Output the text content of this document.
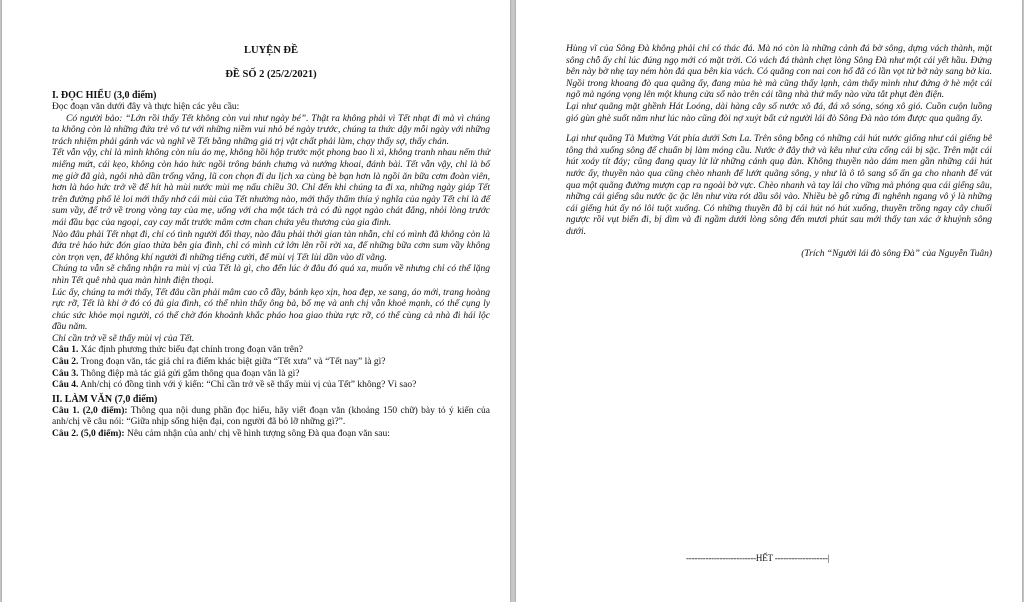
LUYỆN ĐỀ
ĐỀ SỐ 2 (25/2/2021)
I. ĐỌC HIỂU (3,0 điểm)

Đọc đoạn văn dưới đây và thực hiện các yêu cầu:

Có người bảo: “Lớn rồi thấy Tết không còn vui như ngày bé”. Thật ra không phải vì Tết nhạt đi mà vì chúng ta không còn là những đứa trẻ vô tư với những niềm vui nhỏ bé ngày trước, chúng ta thức dậy mỗi ngày với những trách nhiệm phải gánh vác và nghĩ về Tết bằng những giá trị vật chất phải làm, chạy thấy sợ, thấy chán.

Tết vẫn vậy, chỉ là mình không còn níu áo mẹ, không hồi hộp trước một phong bao lì xì, không tranh nhau nếm thử miếng mứt, cái kẹo, không còn háo hức ngồi trông bánh chưng và nướng khoai, đánh bài. Tết vẫn vậy, chỉ là bố mẹ giờ đã già, ngôi nhà dần trống vắng, lũ con chọn đi du lịch xa cùng bè bạn hơn là ngồi ăn bữa cơm đoàn viên, hơn là háo hức trở về để hít hà mùi nước mùi mẹ nấu chiều 30. Chỉ đến khi chúng ta đi xa, những ngày giáp Tết trên đường phố lẻ loi mới thấy nhớ cái mùi của Tết nhường nào, mới thấy thấm thía ý nghĩa của ngày Tết chỉ là để sum vầy, để trở về trong vòng tay của mẹ, uống với cha một tách trà có đủ ngọt ngào chát đắng, nhỏi lòng trước mái đầu bạc của ngoại, cay cay mắt trước mâm cơm chan chứa yêu thương của gia đình.

Nào đâu phải Tết nhạt đi, chỉ có tình người đổi thay, nào đâu phải thời gian tàn nhẫn, chỉ có mình đã không còn là đứa trẻ háo hức đón giao thừa bên gia đình, chỉ có mình cứ lớn lên rồi rời xa, để những bữa cơm sum vầy không còn trọn vẹn, để không khí người đi những tiếng cười, để mùi vị Tết lùi dần vào dĩ vãng.

Chúng ta vẫn sẽ chẳng nhận ra mùi vị của Tết là gì, cho đến lúc ở đâu đó quá xa, muốn về nhưng chỉ có thể lặng nhìn Tết quê nhà qua màn hình điện thoại.

Lúc ấy, chúng ta mới thấy, Tết đâu cần phải mâm cao cỗ đầy, bánh kẹo xịn, hoa đẹp, xe sang, áo mới, trang hoàng rực rỡ, Tết là khi ở đó có đủ gia đình, có thể nhìn thấy ông bà, bố mẹ và anh chị vẫn khoẻ mạnh, có thể cụng ly chúc sức khỏe mọi người, có thể chờ đón khoảnh khắc pháo hoa giao thừa rực rỡ, có thể cùng cả nhà đi hái lộc đầu năm.

Chỉ cần trở về sẽ thấy mùi vị của Tết.

Câu 1. Xác định phương thức biểu đạt chính trong đoạn văn trên?

Câu 2. Trong đoạn văn, tác giả chỉ ra điểm khác biệt giữa “Tết xưa” và “Tết nay” là gì?

Câu 3. Thông điệp mà tác giả gửi gắm thông qua đoạn văn là gì?

Câu 4. Anh/chị có đồng tình với ý kiến: “Chỉ cần trở về sẽ thấy mùi vị của Tết” không? Vì sao?

II. LÀM VĂN (7,0 điểm)

Câu 1. (2,0 điểm): Thông qua nội dung phần đọc hiểu, hãy viết đoạn văn (khoảng 150 chữ) bày tỏ ý kiến của anh/chị về câu nói: “Giữa nhịp sống hiện đại, con người đã bỏ lỡ những gì?”.

Câu 2. (5,0 điểm): Nêu cảm nhận của anh/ chị về hình tượng sông Đà qua đoạn văn sau:

Hùng vĩ của Sông Đà không phải chỉ có thác đá. Mà nó còn là những cảnh đá bờ sông, dựng vách thành, mặt sông chỗ ấy chỉ lúc đúng ngọ mới có mặt trời. Có vách đá thành chẹt lòng Sông Đà như một cái yết hầu. Đứng bên này bờ nhẹ tay ném hòn đá qua bên kia vách. Có quãng con nai con hổ đã có lần vọt từ bờ này sang bờ kia. Ngồi trong khoang đò qua quãng ấy, đang mùa hè mà cũng thấy lạnh, cảm thấy mình như đứng ở hè một cái ngõ mà ngóng vọng lên một khung cửa sổ nào trên cái tầng nhà thứ mấy nào vừa tắt phụt đèn điện.

Lại như quãng mặt ghềnh Hát Loóng, dài hàng cây số nước xô đá, đá xô sóng, sóng xô gió. Cuồn cuộn luồng gió gùn ghè suốt năm như lúc nào cũng đòi nợ xuýt bất cứ người lái đò Sông Đà nào tóm được qua quãng ấy.

Lại như quãng Tà Mường Vát phía dưới Sơn La. Trên sông bỗng có những cái hút nước giống như cái giếng bê tông thả xuống sông để chuẩn bị làm móng cầu. Nước ở đây thở và kêu như cửa cống cái bị sặc. Trên mặt cái hút xoáy tít đáy; cũng đang quay lừ lừ những cánh quạ đàn. Không thuyền nào dám men gần những cái hút nước ấy, thuyền nào qua cũng chèo nhanh để lướt quãng sông, y như là ô tô sang số ấn ga cho nhanh để vút qua một quãng đường mượn cạp ra ngoài bờ vực. Chèo nhanh và tay lái cho vững mà phóng qua cái giếng sâu, những cái giếng sâu nước ặc ặc lên như vừa rót dầu sôi vào. Nhiều bè gỗ rừng đi nghênh ngang vô ý là những cái giếng hút ấy nó lôi tuột xuống. Có những thuyền đã bị cái hút nó hút xuống, thuyền trồng ngay cây chuối ngược rồi vụt biến đi, bị dìm và đi ngầm dưới lòng sông đến mươi phút sau mới thấy tan xác ở khuỷnh sông dưới.

(Trích “Người lái đò sông Đà” của Nguyễn Tuân)

-------------------------HẾT -------------------|
